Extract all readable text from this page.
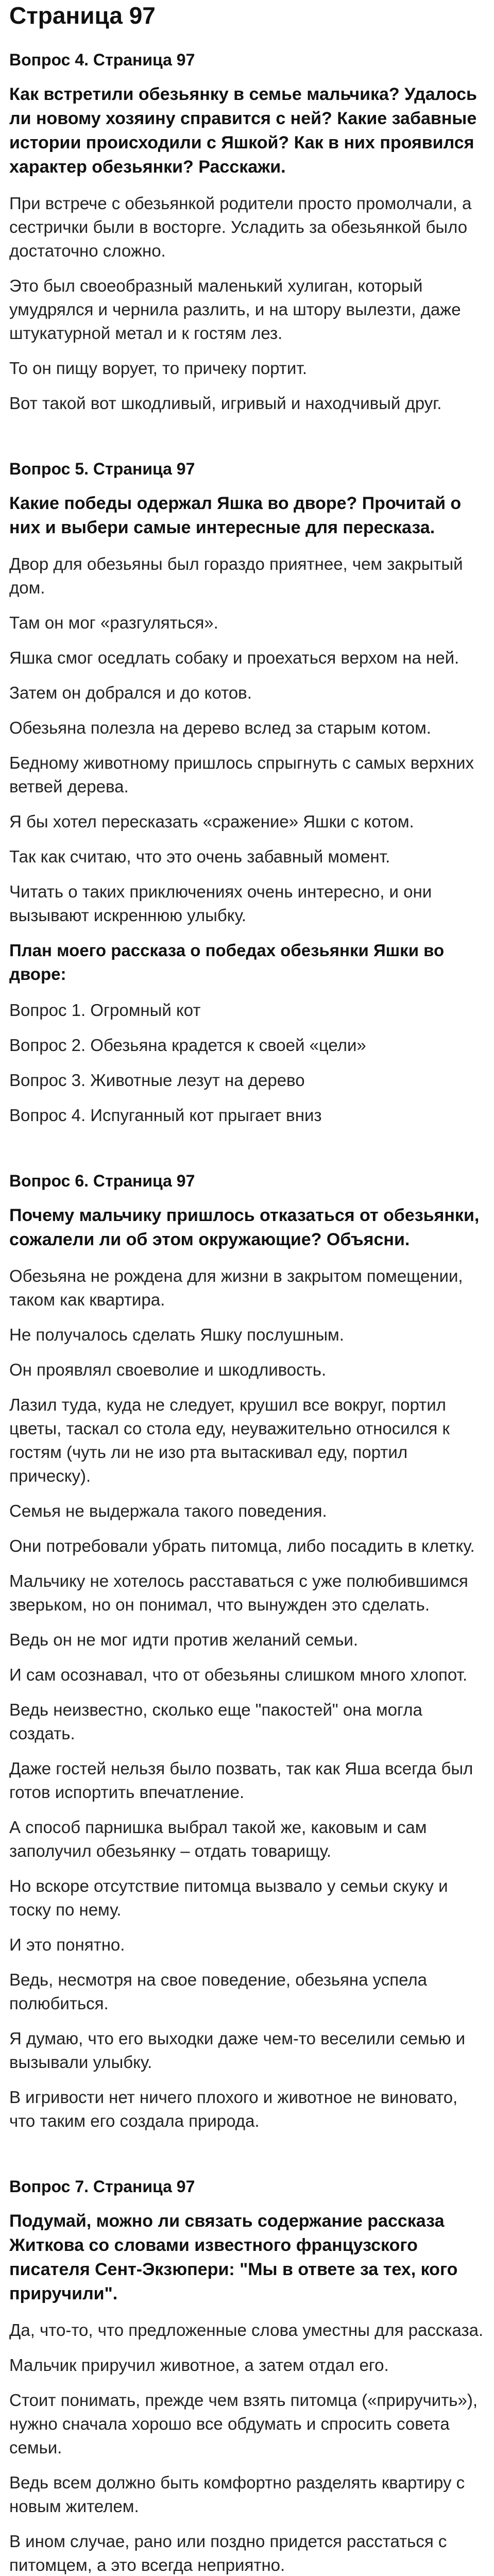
Страница 97
Вопрос 4. Страница 97
Как встретили обезьянку в семье мальчика? Удалось ли новому хозяину справится с ней? Какие забавные истории происходили с Яшкой? Как в них проявился характер обезьянки? Расскажи.

При встрече с обезьянкой родители просто промолчали, а сестрички были в восторге. Усладить за обезьянкой было достаточно сложно.

Это был своеобразный маленький хулиган, который умудрялся и чернила разлить, и на штору вылезти, даже штукатурной метал и к гостям лез.

То он пищу ворует, то причеку портит.

Вот такой вот шкодливый, игривый и находчивый друг.

Вопрос 5. Страница 97
Какие победы одержал Яшка во дворе? Прочитай о них и выбери самые интересные для пересказа.

Двор для обезьяны был гораздо приятнее, чем закрытый дом.

Там он мог «разгуляться».

Яшка смог оседлать собаку и проехаться верхом на ней.

Затем он добрался и до котов.

Обезьяна полезла на дерево вслед за старым котом.

Бедному животному пришлось спрыгнуть с самых верхних ветвей дерева.

Я бы хотел пересказать «сражение» Яшки с котом.

Так как считаю, что это очень забавный момент.

Читать о таких приключениях очень интересно, и они вызывают искреннюю улыбку.

План моего рассказа о победах обезьянки Яшки во дворе:

Вопрос 1. Огромный кот

Вопрос 2. Обезьяна крадется к своей «цели»

Вопрос 3. Животные лезут на дерево

Вопрос 4. Испуганный кот прыгает вниз

Вопрос 6. Страница 97
Почему мальчику пришлось отказаться от обезьянки, сожалели ли об этом окружающие? Объясни.

Обезьяна не рождена для жизни в закрытом помещении, таком как квартира.

Не получалось сделать Яшку послушным.

Он проявлял своеволие и шкодливость.

Лазил туда, куда не следует, крушил все вокруг, портил цветы, таскал со стола еду, неуважительно относился к гостям (чуть ли не изо рта вытаскивал еду, портил прическу).

Семья не выдержала такого поведения.

Они потребовали убрать питомца, либо посадить в клетку.

Мальчику не хотелось расставаться с уже полюбившимся зверьком, но он понимал, что вынужден это сделать.

Ведь он не мог идти против желаний семьи.

И сам осознавал, что от обезьяны слишком много хлопот.

Ведь неизвестно, сколько еще "пакостей" она могла создать.

Даже гостей нельзя было позвать, так как Яша всегда был готов испортить впечатление.

А способ парнишка выбрал такой же, каковым и сам заполучил обезьянку – отдать товарищу.

Но вскоре отсутствие питомца вызвало у семьи скуку и тоску по нему.

И это понятно.

Ведь, несмотря на свое поведение, обезьяна успела полюбиться.

Я думаю, что его выходки даже чем-то веселили семью и вызывали улыбку.

В игривости нет ничего плохого и животное не виновато, что таким его создала природа.

Вопрос 7. Страница 97
Подумай, можно ли связать содержание рассказа Житкова со словами известного французского писателя Сент-Экзюпери: "Мы в ответе за тех, кого приручили".

Да, что-то, что предложенные слова уместны для рассказа.

Мальчик приручил животное, а затем отдал его.

Стоит понимать, прежде чем взять питомца («приручить»), нужно сначала хорошо все обдумать и спросить совета семьи.

Ведь всем должно быть комфортно разделять квартиру с новым жителем.

В ином случае, рано или поздно придется расстаться с питомцем, а это всегда неприятно.
